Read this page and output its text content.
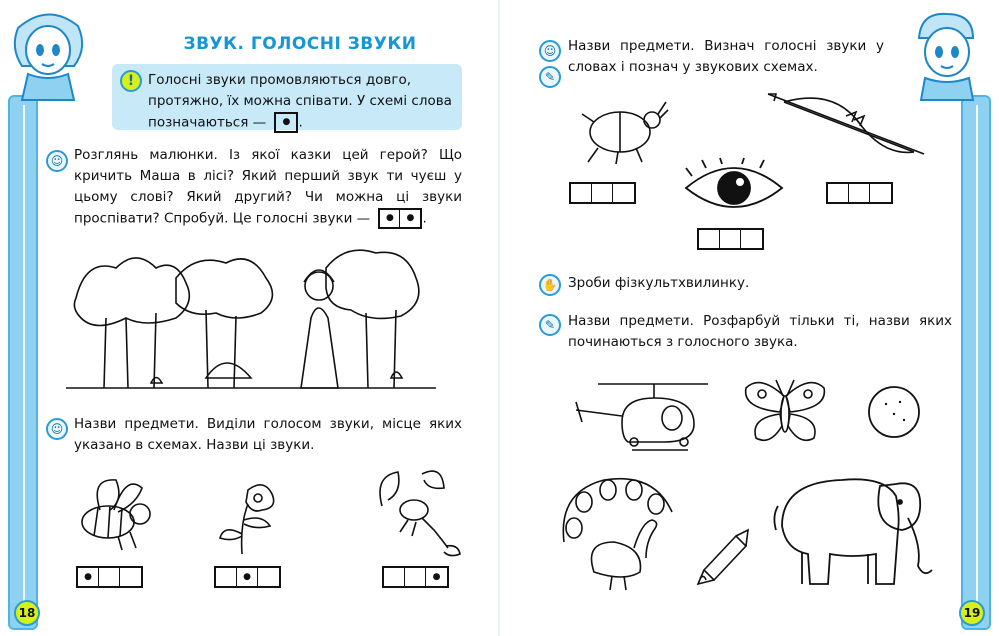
ЗВУК. ГОЛОСНІ ЗВУКИ
!	Голосні звуки промовляються довго, протяжно, їх можна співати. У схемі слова позначаються —	● .
☺ Розглянь малюнки. Із якої казки цей герой? Що кричить Маша в лісі? Який перший звук ти чуєш у цьому слові? Який другий? Чи можна ці звуки проспівати? Спробуй. Це голосні звуки —	●	● .
☺ Назви предмети. Виділи голосом звуки, місце яких указано в схемах. Назви ці звуки.
●	●	●
18
☺
✎
Назви предмети. Визнач голосні звуки у словах і познач у звукових схемах.
✋ Зроби фізкультхвилинку.
✎ Назви предмети. Розфарбуй тільки ті, назви яких починаються з голосного звука.
19
